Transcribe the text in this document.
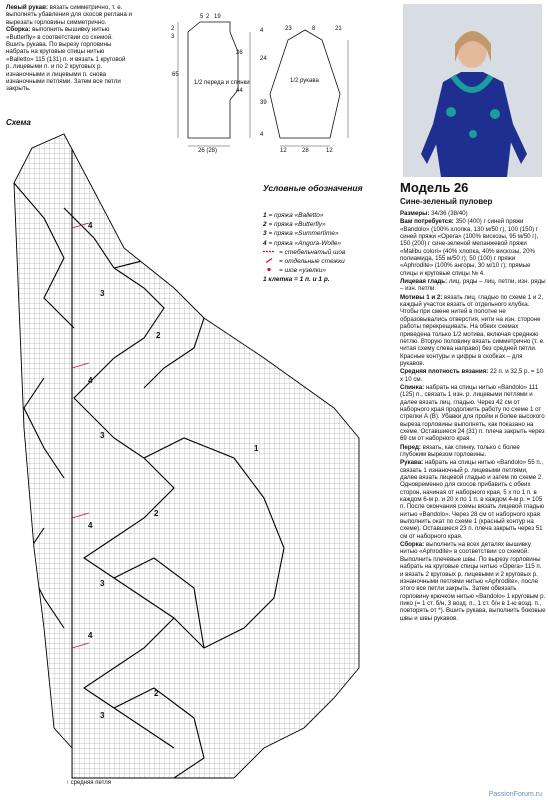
Левый рукав: вязать симметрично, т. е. выполнять убавления для скосов реглана и вырезать горловины симметрично.
Сборка: выполнить вышивку нитью «Butterfly» в соответствии со схемой. Вшить рукава. По вырезу горловины набрать на круговые спицы нитью «Balletto» 115 (131) п. и вязать 1 круговой р. лицевыми п. и по 2 круговых р. изнаночными и лицевыми п. снова изнаночными петлями. Затем все петли закрыть.
1/2 переда и спинки	1/2 рукава
5 2 19
23	8	21
2
3
65
26
24
44
4
39
4
26 (28)	12	28	12
Схема
4
3
2
4
3
1
4
3
2
4
3
2
↑ средняя петля
Условные обозначения
1
= пряжа «Balletto»
2
= пряжа «Butterfly»
3
= пряжа «Summertime»
4
= пряжа «Angora-Wolle»
= стебельчатый шов
= отдельные стежки
= шов «узелки»
1 клетка = 1 п. и 1 р.
Модель 26
Сине-зеленый пуловер

Размеры: 34/36 (38/40)

Вам потребуется: 350 (400) г синей пряжи «Bandolo» (100% хлопка, 130 м/50 г), 100 (150) г синей пряжи «Opera» (100% вискозы, 95 м/50 г), 150 (200) г сине-зеленой меланжевой пряжи «Malibu colori» (40% хлопка, 40% вискозы, 20% полиамида, 155 м/50 г); 50 (100) г пряжи «Aphrodite» (100% ангоры, 30 м/10 г); прямые спицы и круговые спицы № 4.

Лицевая гладь: лиц. ряды – лиц. петли, изн. ряды – изн. петли.

Мотивы 1 и 2: вязать лиц. гладью по схеме 1 и 2, каждый участок вязать от отдельного клубка. Чтобы при смене нитей в полотне не образовывались отверстия, нити на изн. стороне работы перекрещивать. На обеих схемах приведена только 1/2 мотива, включая среднюю петлю. Вторую половину вязать симметрично (т. е. читая схему слева направо) без средней петли. Красные контуры и цифры в скобках – для рукавов.

Средняя плотность вязания: 22 п. и 32,5 р. = 10 х 10 см.

Спинка: набрать на спицы нитью «Bandolo» 111 (125) п., связать 1 изн. р. лицевыми петлями и далее вязать лиц. гладью. Через 42 см от наборного края продолжить работу по схеме 1 от стрелки А (В). Убавки для пройм и более высокого выреза горловины выполнять, как показано на схеме. Оставшиеся 24 (31) п. плеча закрыть через 69 см от наборного края.

Перед: вязать, как спинку, только с более глубоким вырезом горловины.

Рукава: набрать на спицы нитью «Bandolo» 55 п., связать 1 изнаночный р. лицевыми петлями, далее вязать лицевой гладью и затем по схеме 2. Одновременно для скосов прибавить с обеих сторон, начиная от наборного края, 5 х по 1 п. в каждом 6-м р. и 20 х по 1 п. в каждом 4-м р. = 105 п. После окончания схемы вязать лицевой гладью нитью «Bandolo». Через 28 см от наборного края выполнить окат по схеме 1 (красный контур на схеме). Оставшиеся 23 п. плеча закрыть через 51 см от наборного края.

Сборка: выполнить на всех деталях вышивку нитью «Aphrodite» в соответствии со схемой. Выполнить плечевые швы. По вырезу горловины набрать на круговые спицы нитью «Opera» 115 п. и вязать 2 круговых р. лицевыми и 2 круговых р. изнаночными петлями нитью «Aphrodite», после этого все петли закрыть. Затем обвязать горловину крючком нитью «Bandolo» 1 круговым р. пико (= 1 ст. б/н, 3 возд. п., 1 ст. б/н в 1-ю возд. п., повторять от *). Вшить рукава, выполнить боковые швы и швы рукавов.

PassionForum.ru
